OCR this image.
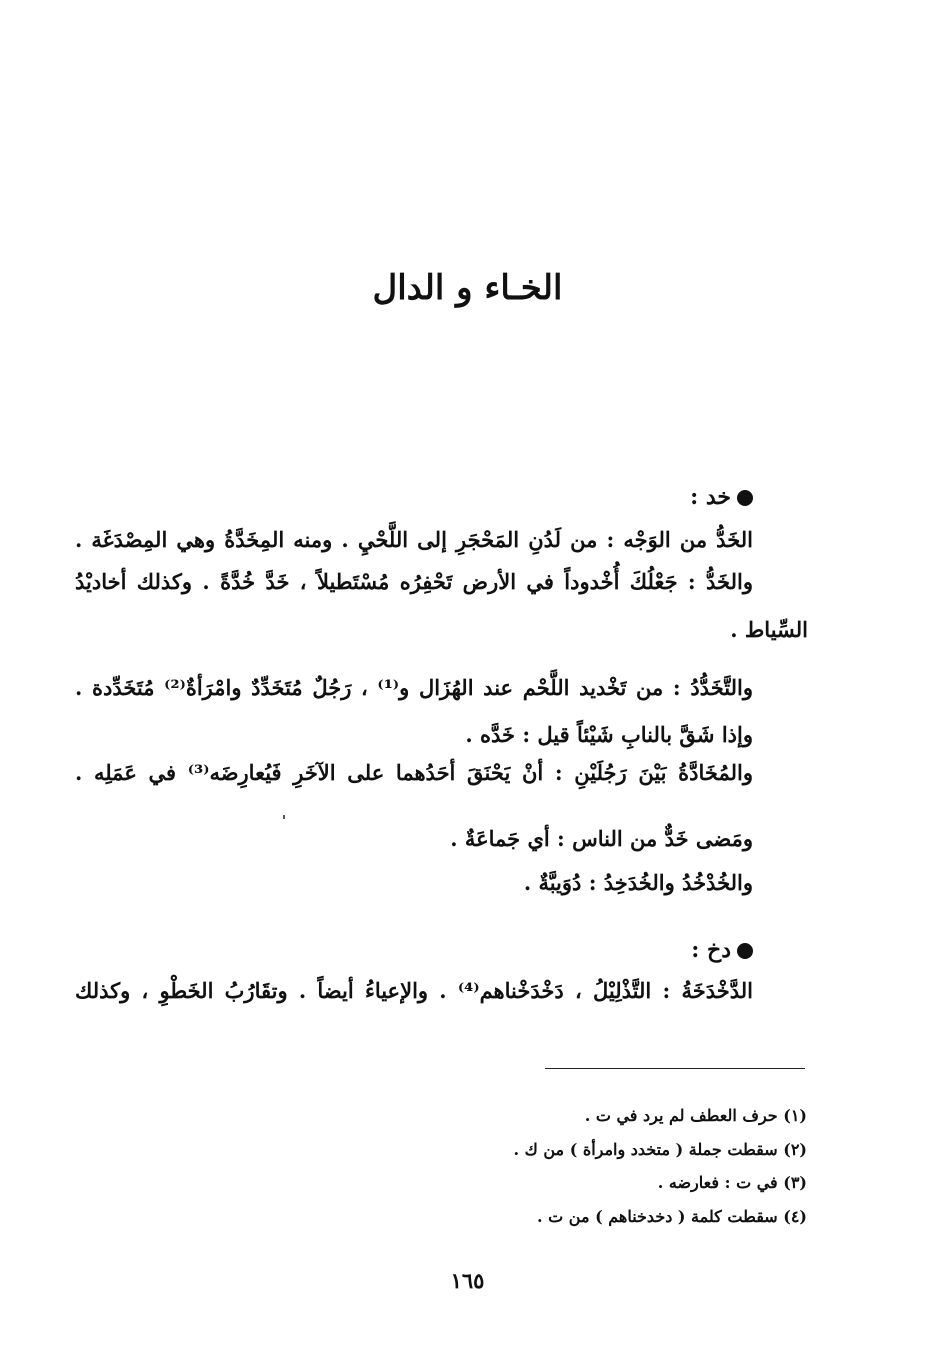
الخـاء و الدال
خد :
الخَدُّ من الوَجْه : من لَدُنِ المَحْجَرِ إلى اللَّحْيِ . ومنه المِخَدَّةُ وهي المِصْدَغَة .
والخَدُّ : جَعْلُكَ أُخْدوداً في الأرض تَحْفِرُه مُسْتَطيلاً ، خَدَّ خُدَّةً . وكذلك أخاديْدُ
السِّياط .
والتَّخَدُّدُ : من تَخْديد اللَّحْم عند الهُزَال و⁽¹⁾ ، رَجُلٌ مُتَخَدِّدٌ وامْرَأةٌ⁽²⁾ مُتَخَدِّدة .
وإذا شَقَّ بالنابِ شَيْئاً قيل : خَدَّه .
والمُخَادَّةُ بَيْنَ رَجُلَيْنِ : أنْ يَحْنَقَ أحَدُهما على الآخَرِ فَيُعارِضَه⁽³⁾ في عَمَلِه .
ومَضى خَدٌّ من الناس : أي جَماعَةٌ .
والخُدْخُدُ والخُدَخِدُ : دُوَيبَّةٌ .
دخ :
الدَّخْدَخَةُ : التَّذْلِيْلُ ، دَخْدَخْناهم⁽⁴⁾ . والإعياءُ أيضاً . وتقَارُبُ الخَطْوِ ، وكذلك
(١) حرف العطف لم يرد في ت .
(٢) سقطت جملة ( متخدد وامرأة ) من ك .
(٣) في ت : فعارضه .
(٤) سقطت كلمة ( دخدخناهم ) من ت .
١٦٥
